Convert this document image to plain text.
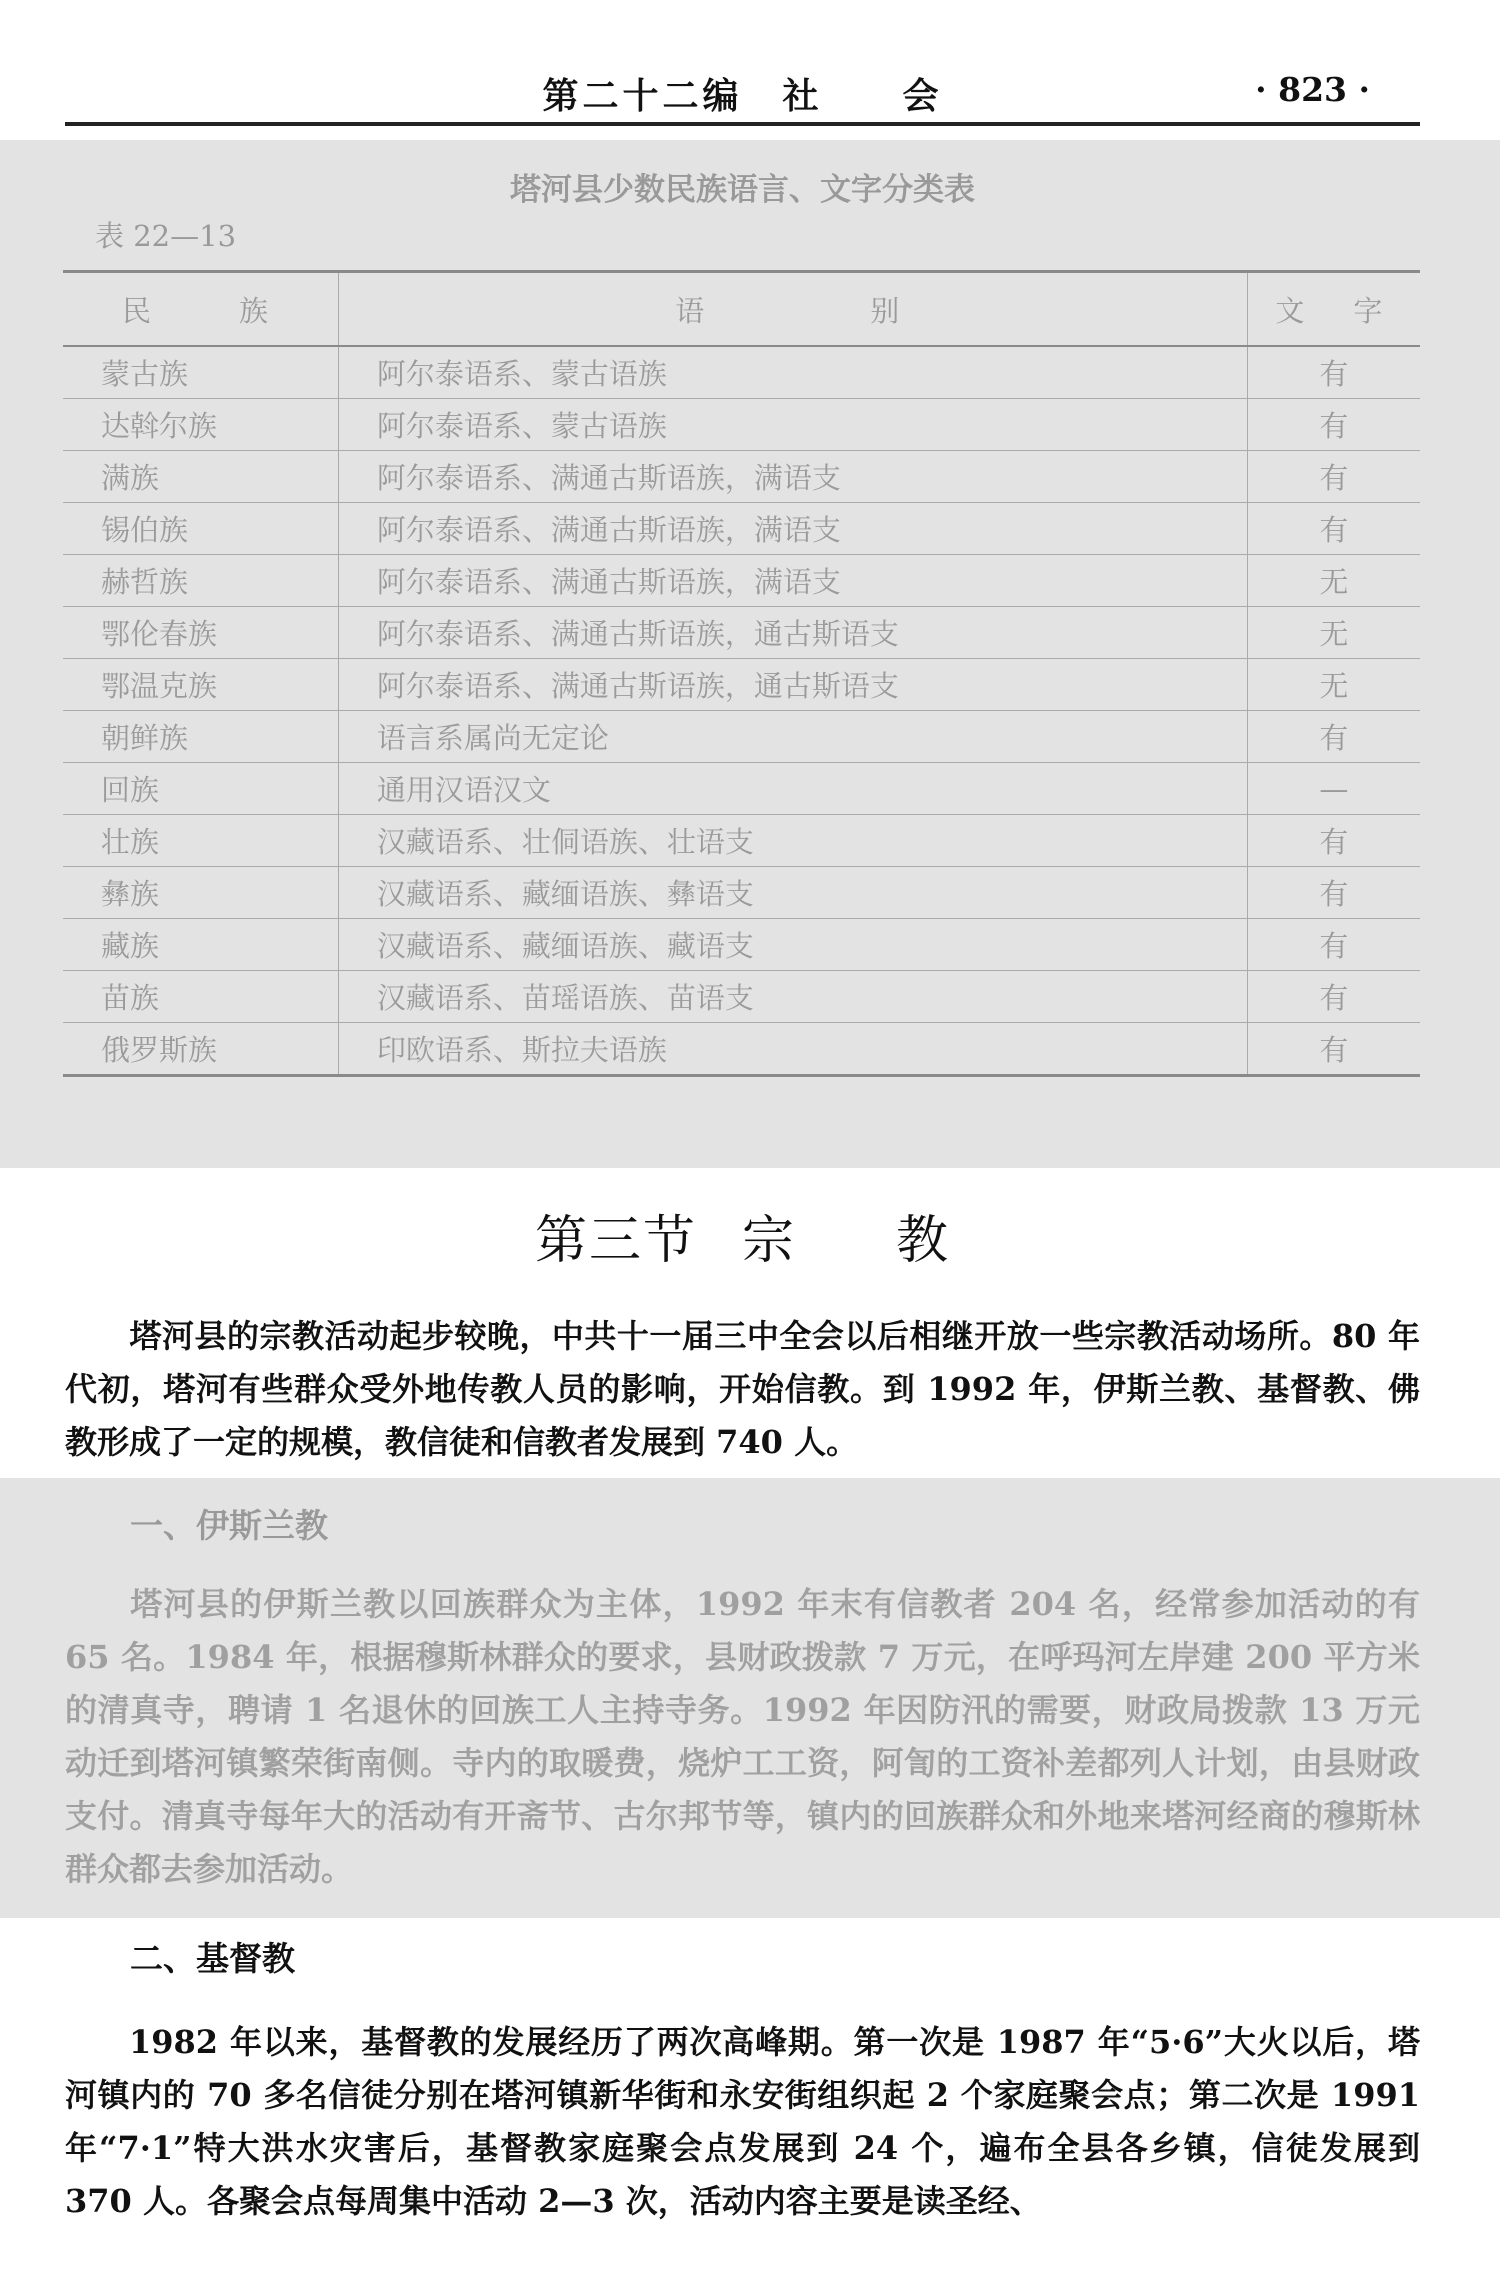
第二十二编　社　　会	· 823 ·
塔河县少数民族语言、文字分类表
表 22—13
民　　族	语　　　　别	文　字
蒙古族	阿尔泰语系、蒙古语族	有
达斡尔族	阿尔泰语系、蒙古语族	有
满族	阿尔泰语系、满通古斯语族，满语支	有
锡伯族	阿尔泰语系、满通古斯语族，满语支	有
赫哲族	阿尔泰语系、满通古斯语族，满语支	无
鄂伦春族	阿尔泰语系、满通古斯语族，通古斯语支	无
鄂温克族	阿尔泰语系、满通古斯语族，通古斯语支	无
朝鲜族	语言系属尚无定论	有
回族	通用汉语汉文	—
壮族	汉藏语系、壮侗语族、壮语支	有
彝族	汉藏语系、藏缅语族、彝语支	有
藏族	汉藏语系、藏缅语族、藏语支	有
苗族	汉藏语系、苗瑶语族、苗语支	有
俄罗斯族	印欧语系、斯拉夫语族	有
第三节 宗 教

塔河县的宗教活动起步较晚，中共十一届三中全会以后相继开放一些宗教活动场所。80 年代初，塔河有些群众受外地传教人员的影响，开始信教。到 1992 年，伊斯兰教、基督教、佛教形成了一定的规模，教信徒和信教者发展到 740 人。

一、伊斯兰教

塔河县的伊斯兰教以回族群众为主体，1992 年末有信教者 204 名，经常参加活动的有 65 名。1984 年，根据穆斯林群众的要求，县财政拨款 7 万元，在呼玛河左岸建 200 平方米的清真寺，聘请 1 名退休的回族工人主持寺务。1992 年因防汛的需要，财政局拨款 13 万元动迁到塔河镇繁荣街南侧。寺内的取暖费，烧炉工工资，阿訇的工资补差都列人计划，由县财政支付。清真寺每年大的活动有开斋节、古尔邦节等，镇内的回族群众和外地来塔河经商的穆斯林群众都去参加活动。

二、基督教

1982 年以来，基督教的发展经历了两次高峰期。第一次是 1987 年“5·6”大火以后，塔河镇内的 70 多名信徒分别在塔河镇新华街和永安街组织起 2 个家庭聚会点；第二次是 1991 年“7·1”特大洪水灾害后，基督教家庭聚会点发展到 24 个，遍布全县各乡镇，信徒发展到 370 人。各聚会点每周集中活动 2—3 次，活动内容主要是读圣经、
